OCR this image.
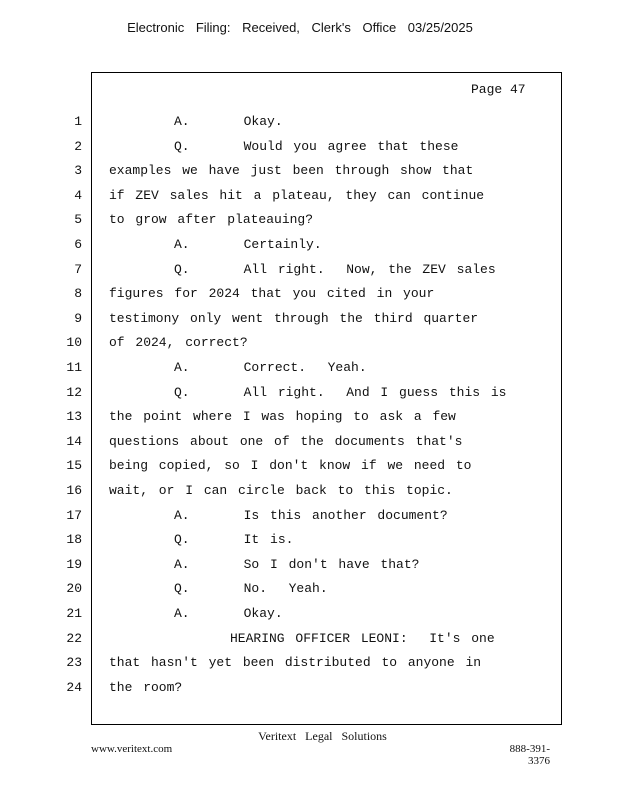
Electronic Filing: Received, Clerk's Office 03/25/2025
Page 47
1	A.     Okay.
2	Q.     Would you agree that these
3 examples we have just been through show that
4 if ZEV sales hit a plateau, they can continue
5 to grow after plateauing?
6	A.     Certainly.
7	Q.     All right.  Now, the ZEV sales
8 figures for 2024 that you cited in your
9 testimony only went through the third quarter
10 of 2024, correct?
11	A.     Correct.  Yeah.
12	Q.     All right.  And I guess this is
13 the point where I was hoping to ask a few
14 questions about one of the documents that's
15 being copied, so I don't know if we need to
16 wait, or I can circle back to this topic.
17	A.     Is this another document?
18	Q.     It is.
19	A.     So I don't have that?
20	Q.     No.  Yeah.
21	A.     Okay.
22	HEARING OFFICER LEONI:  It's one
23 that hasn't yet been distributed to anyone in
24 the room?
Veritext Legal Solutions
www.veritext.com	888-391-3376
